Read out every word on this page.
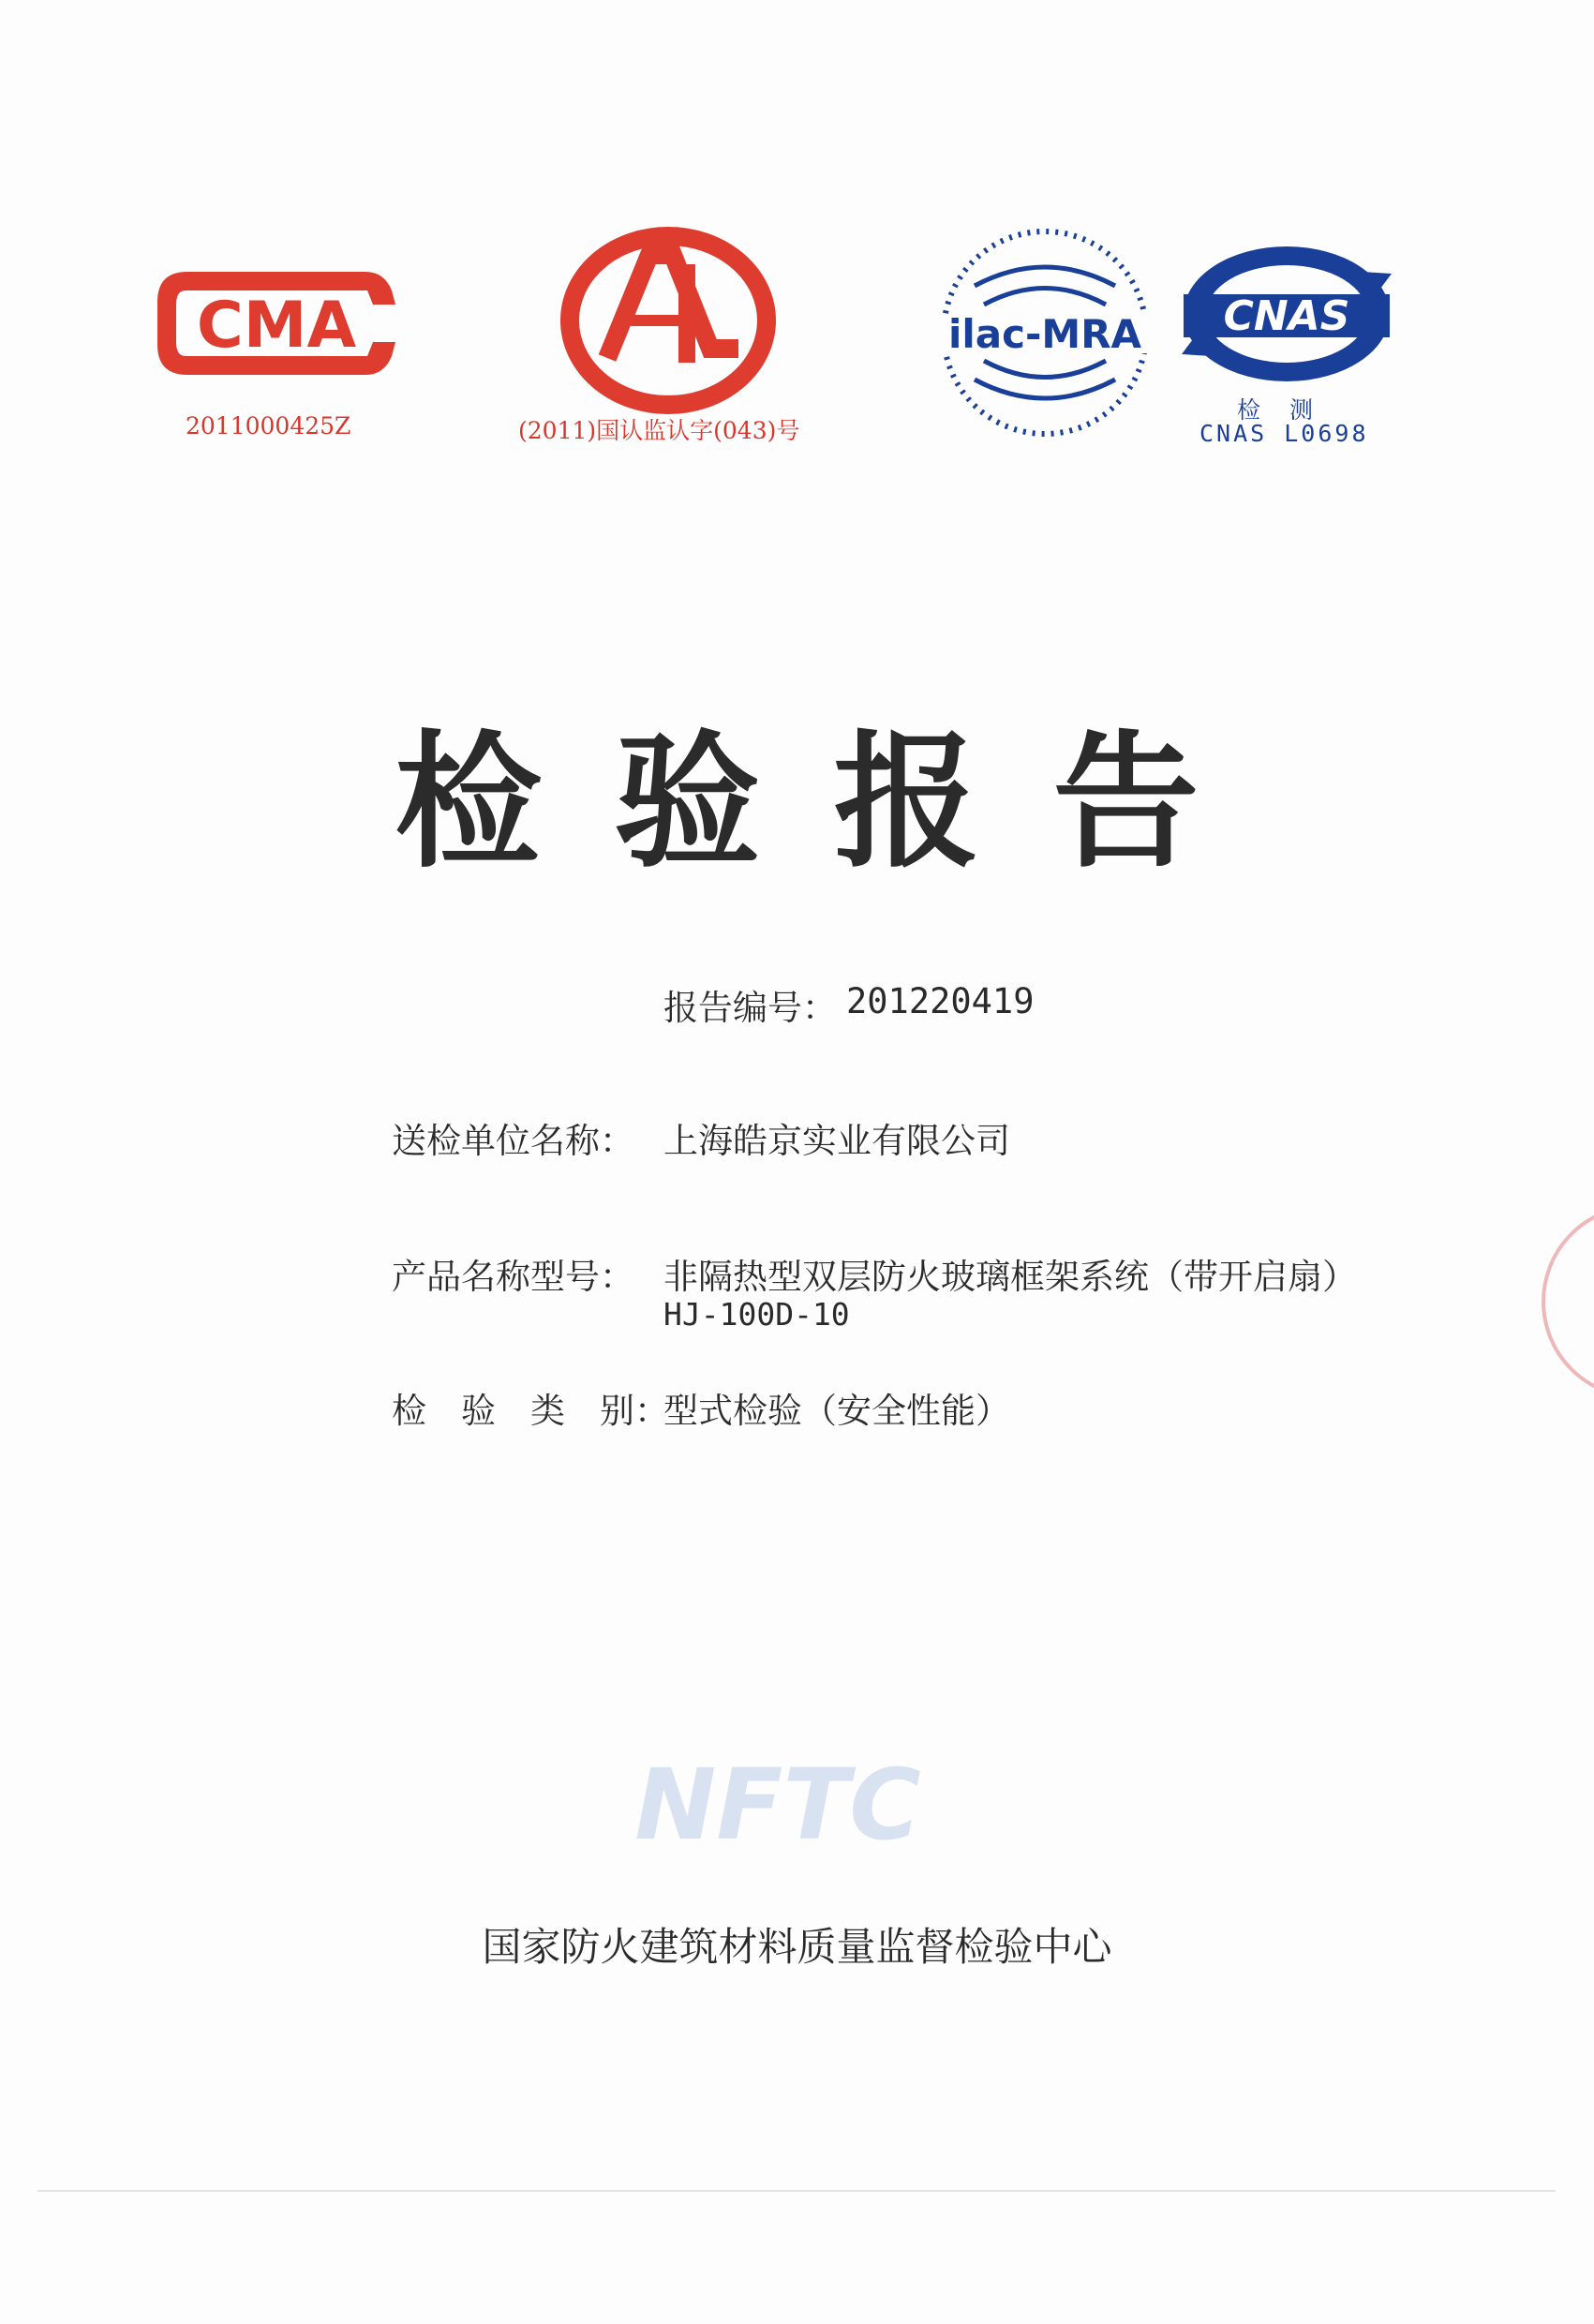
CMA
2011000425Z	(2011)国认监认字(043)号
ilac-MRA CNAS
检　测
CNAS L0698
检验报告
报告编号： 201220419
送检单位名称： 上海皓京实业有限公司
产品名称型号： 非隔热型双层防火玻璃框架系统（带开启扇）
HJ-100D-10
检　验　类　别：
型式检验（安全性能）
NFTC
国家防火建筑材料质量监督检验中心
